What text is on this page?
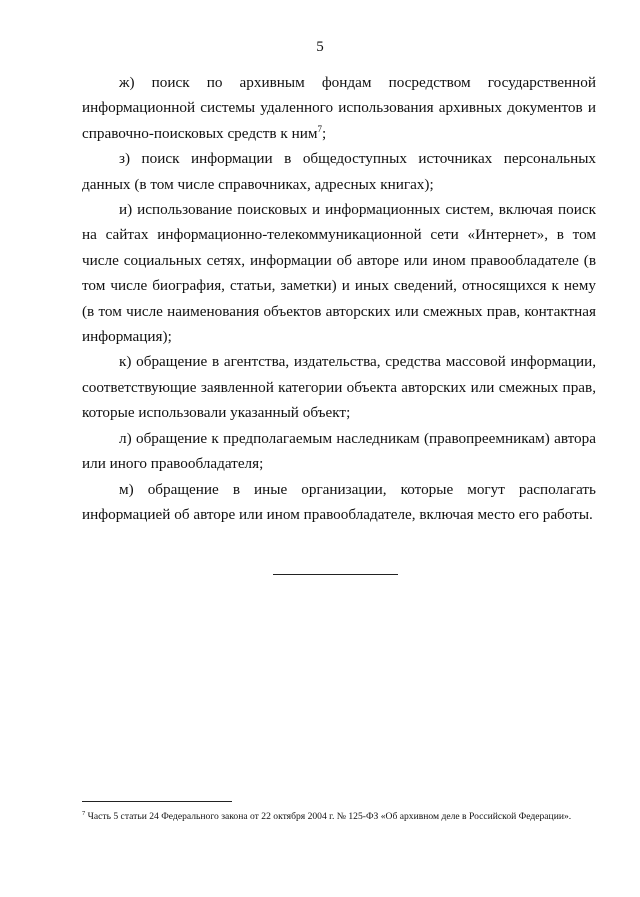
5

ж) поиск по архивным фондам посредством государственной информационной системы удаленного использования архивных документов и справочно-поисковых средств к ним$^7$;

з) поиск информации в общедоступных источниках персональных данных (в том числе справочниках, адресных книгах);

и) использование поисковых и информационных систем, включая поиск на сайтах информационно-телекоммуникационной сети «Интернет», в том числе социальных сетях, информации об авторе или ином правообладателе (в том числе биография, статьи, заметки) и иных сведений, относящихся к нему (в том числе наименования объектов авторских или смежных прав, контактная информация);

к) обращение в агентства, издательства, средства массовой информации, соответствующие заявленной категории объекта авторских или смежных прав, которые использовали указанный объект;

л) обращение к предполагаемым наследникам (правопреемникам) автора или иного правообладателя;

м) обращение в иные организации, которые могут располагать информацией об авторе или ином правообладателе, включая место его работы.

$^7$ Часть 5 статьи 24 Федерального закона от 22 октября 2004 г. № 125-ФЗ «Об архивном деле в Российской Федерации».
